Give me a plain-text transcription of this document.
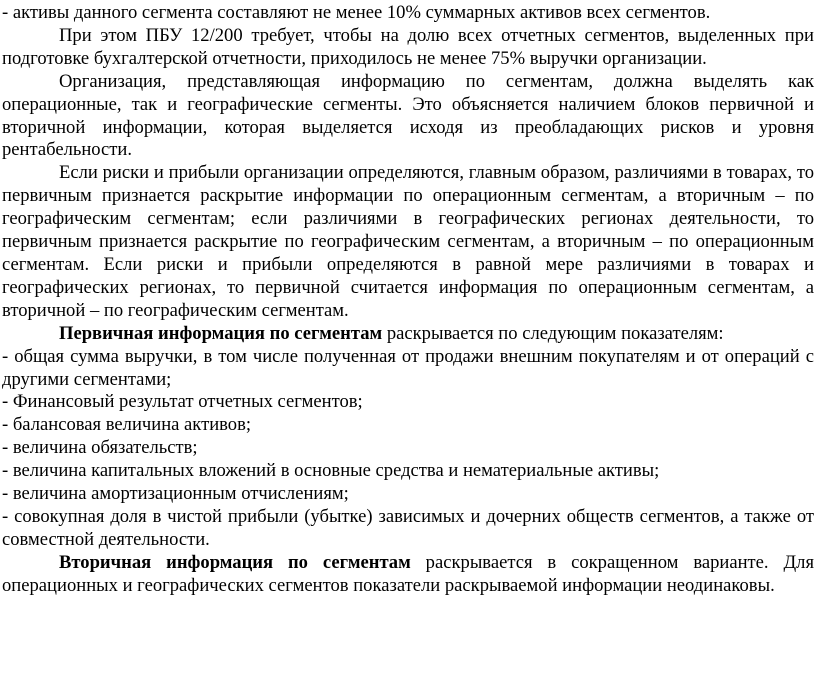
- активы данного сегмента составляют не менее 10% суммарных активов всех сегментов.

При этом ПБУ 12/200 требует, чтобы на долю всех отчетных сегментов, выделенных при подготовке бухгалтерской отчетности, приходилось не менее 75% выручки организации.

Организация, представляющая информацию по сегментам, должна выделять как операционные, так и географические сегменты. Это объясняется наличием блоков первичной и вторичной информации, которая выделяется исходя из преобладающих рисков и уровня рентабельности.

Если риски и прибыли организации определяются, главным образом, различиями в товарах, то первичным признается раскрытие информации по операционным сегментам, а вторичным – по географическим сегментам; если различиями в географических регионах деятельности, то первичным признается раскрытие по географическим сегментам, а вторичным – по операционным сегментам. Если риски и прибыли определяются в равной мере различиями в товарах и географических регионах, то первичной считается информация по операционным сегментам, а вторичной – по географическим сегментам.

Первичная информация по сегментам раскрывается по следующим показателям:

- общая сумма выручки, в том числе полученная от продажи внешним покупателям и от операций с другими сегментами;

- Финансовый результат отчетных сегментов;

- балансовая величина активов;

- величина обязательств;

- величина капитальных вложений в основные средства и нематериальные активы;

- величина амортизационным отчислениям;

- совокупная доля в чистой прибыли (убытке) зависимых и дочерних обществ сегментов, а также от совместной деятельности.

Вторичная информация по сегментам раскрывается в сокращенном варианте. Для операционных и географических сегментов показатели раскрываемой информации неодинаковы.
